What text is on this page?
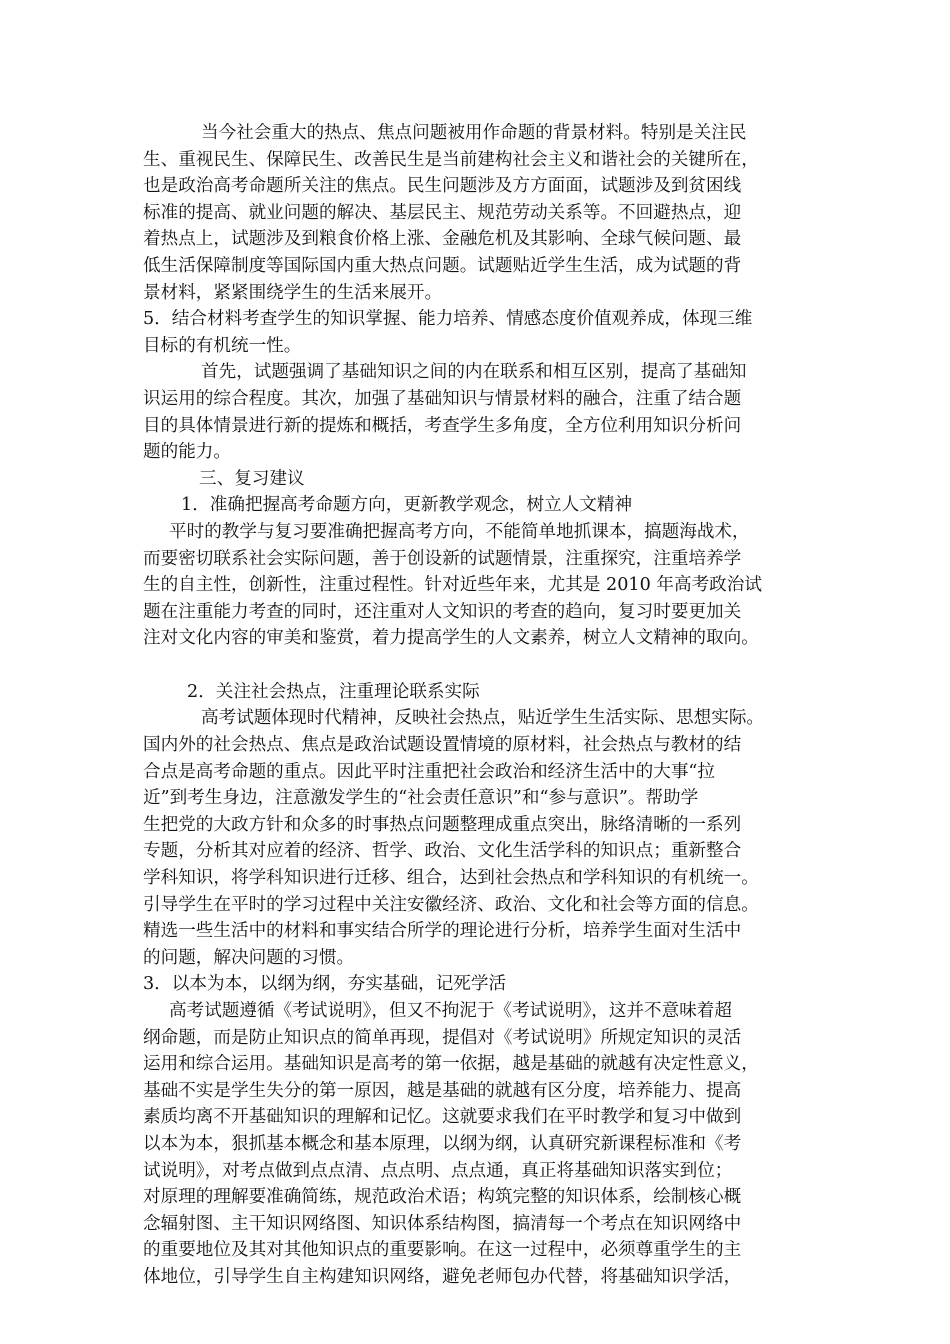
当今社会重大的热点、焦点问题被用作命题的背景材料。特别是关注民
生、重视民生、保障民生、改善民生是当前建构社会主义和谐社会的关键所在，
也是政治高考命题所关注的焦点。民生问题涉及方方面面，试题涉及到贫困线
标准的提高、就业问题的解决、基层民主、规范劳动关系等。不回避热点，迎
着热点上，试题涉及到粮食价格上涨、金融危机及其影响、全球气候问题、最
低生活保障制度等国际国内重大热点问题。试题贴近学生生活，成为试题的背
景材料，紧紧围绕学生的生活来展开。
5．结合材料考查学生的知识掌握、能力培养、情感态度价值观养成，体现三维
目标的有机统一性。
首先，试题强调了基础知识之间的内在联系和相互区别，提高了基础知
识运用的综合程度。其次，加强了基础知识与情景材料的融合，注重了结合题
目的具体情景进行新的提炼和概括，考查学生多角度，全方位利用知识分析问
题的能力。
三、复习建议
1．准确把握高考命题方向，更新教学观念，树立人文精神
平时的教学与复习要准确把握高考方向，不能简单地抓课本，搞题海战术，
而要密切联系社会实际问题，善于创设新的试题情景，注重探究，注重培养学
生的自主性，创新性，注重过程性。针对近些年来，尤其是 2010 年高考政治试
题在注重能力考查的同时，还注重对人文知识的考查的趋向，复习时要更加关
注对文化内容的审美和鉴赏，着力提高学生的人文素养，树立人文精神的取向。
2．关注社会热点，注重理论联系实际
高考试题体现时代精神，反映社会热点，贴近学生生活实际、思想实际。
国内外的社会热点、焦点是政治试题设置情境的原材料，社会热点与教材的结
合点是高考命题的重点。因此平时注重把社会政治和经济生活中的大事“拉
近”到考生身边，注意激发学生的“社会责任意识”和“参与意识”。帮助学
生把党的大政方针和众多的时事热点问题整理成重点突出，脉络清晰的一系列
专题，分析其对应着的经济、哲学、政治、文化生活学科的知识点；重新整合
学科知识，将学科知识进行迁移、组合，达到社会热点和学科知识的有机统一。
引导学生在平时的学习过程中关注安徽经济、政治、文化和社会等方面的信息。
精选一些生活中的材料和事实结合所学的理论进行分析，培养学生面对生活中
的问题，解决问题的习惯。
3．以本为本，以纲为纲，夯实基础，记死学活
高考试题遵循《考试说明》，但又不拘泥于《考试说明》，这并不意味着超
纲命题，而是防止知识点的简单再现，提倡对《考试说明》所规定知识的灵活
运用和综合运用。基础知识是高考的第一依据，越是基础的就越有决定性意义，
基础不实是学生失分的第一原因，越是基础的就越有区分度，培养能力、提高
素质均离不开基础知识的理解和记忆。这就要求我们在平时教学和复习中做到
以本为本，狠抓基本概念和基本原理，以纲为纲，认真研究新课程标准和《考
试说明》，对考点做到点点清、点点明、点点通，真正将基础知识落实到位；
对原理的理解要准确简练，规范政治术语；构筑完整的知识体系，绘制核心概
念辐射图、主干知识网络图、知识体系结构图，搞清每一个考点在知识网络中
的重要地位及其对其他知识点的重要影响。在这一过程中，必须尊重学生的主
体地位，引导学生自主构建知识网络，避免老师包办代替，将基础知识学活，
